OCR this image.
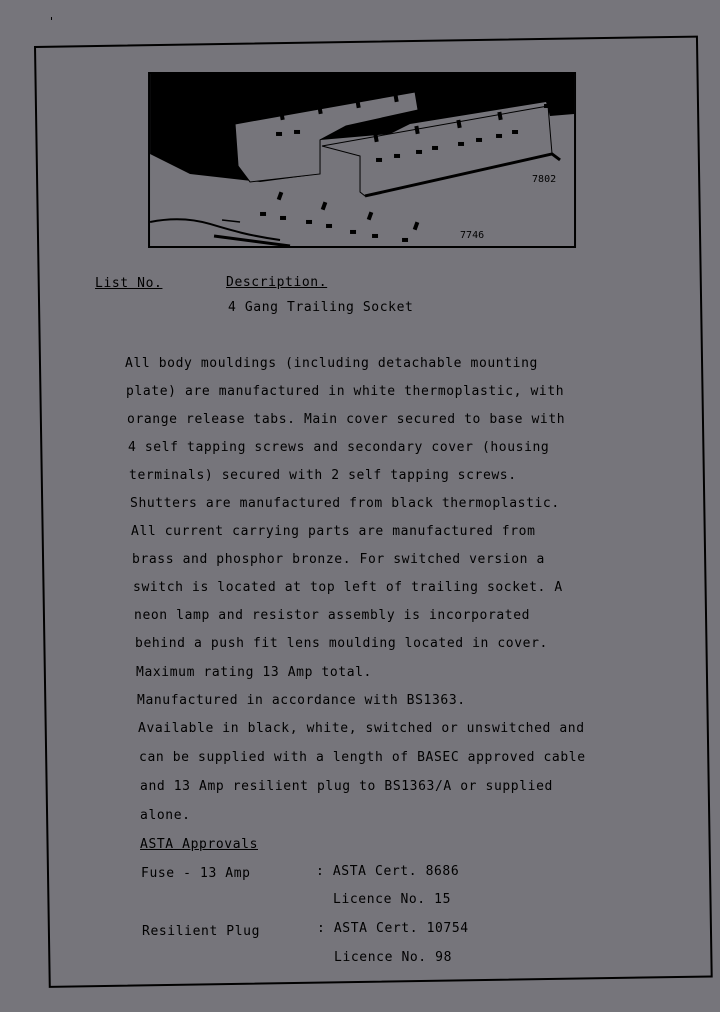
7802
7746
List No.	Description.
4 Gang Trailing Socket
All body mouldings (including detachable mounting
plate) are manufactured in white thermoplastic, with
orange release tabs. Main cover secured to base with
4 self tapping screws and secondary cover (housing
terminals) secured with 2 self tapping screws.
Shutters are manufactured from black thermoplastic.
All current carrying parts are manufactured from
brass and phosphor bronze. For switched version a
switch is located at top left of trailing socket. A
neon lamp and resistor assembly is incorporated
behind a push fit lens moulding located in cover.
Maximum rating 13 Amp total.
Manufactured in accordance with BS1363.
Available in black, white, switched or unswitched and
can be supplied with a length of BASEC approved cable
and 13 Amp resilient plug to BS1363/A or supplied
alone.
ASTA Approvals
Fuse - 13 Amp	: ASTA Cert. 8686
Licence No. 15
Resilient Plug	: ASTA Cert. 10754
Licence No. 98
